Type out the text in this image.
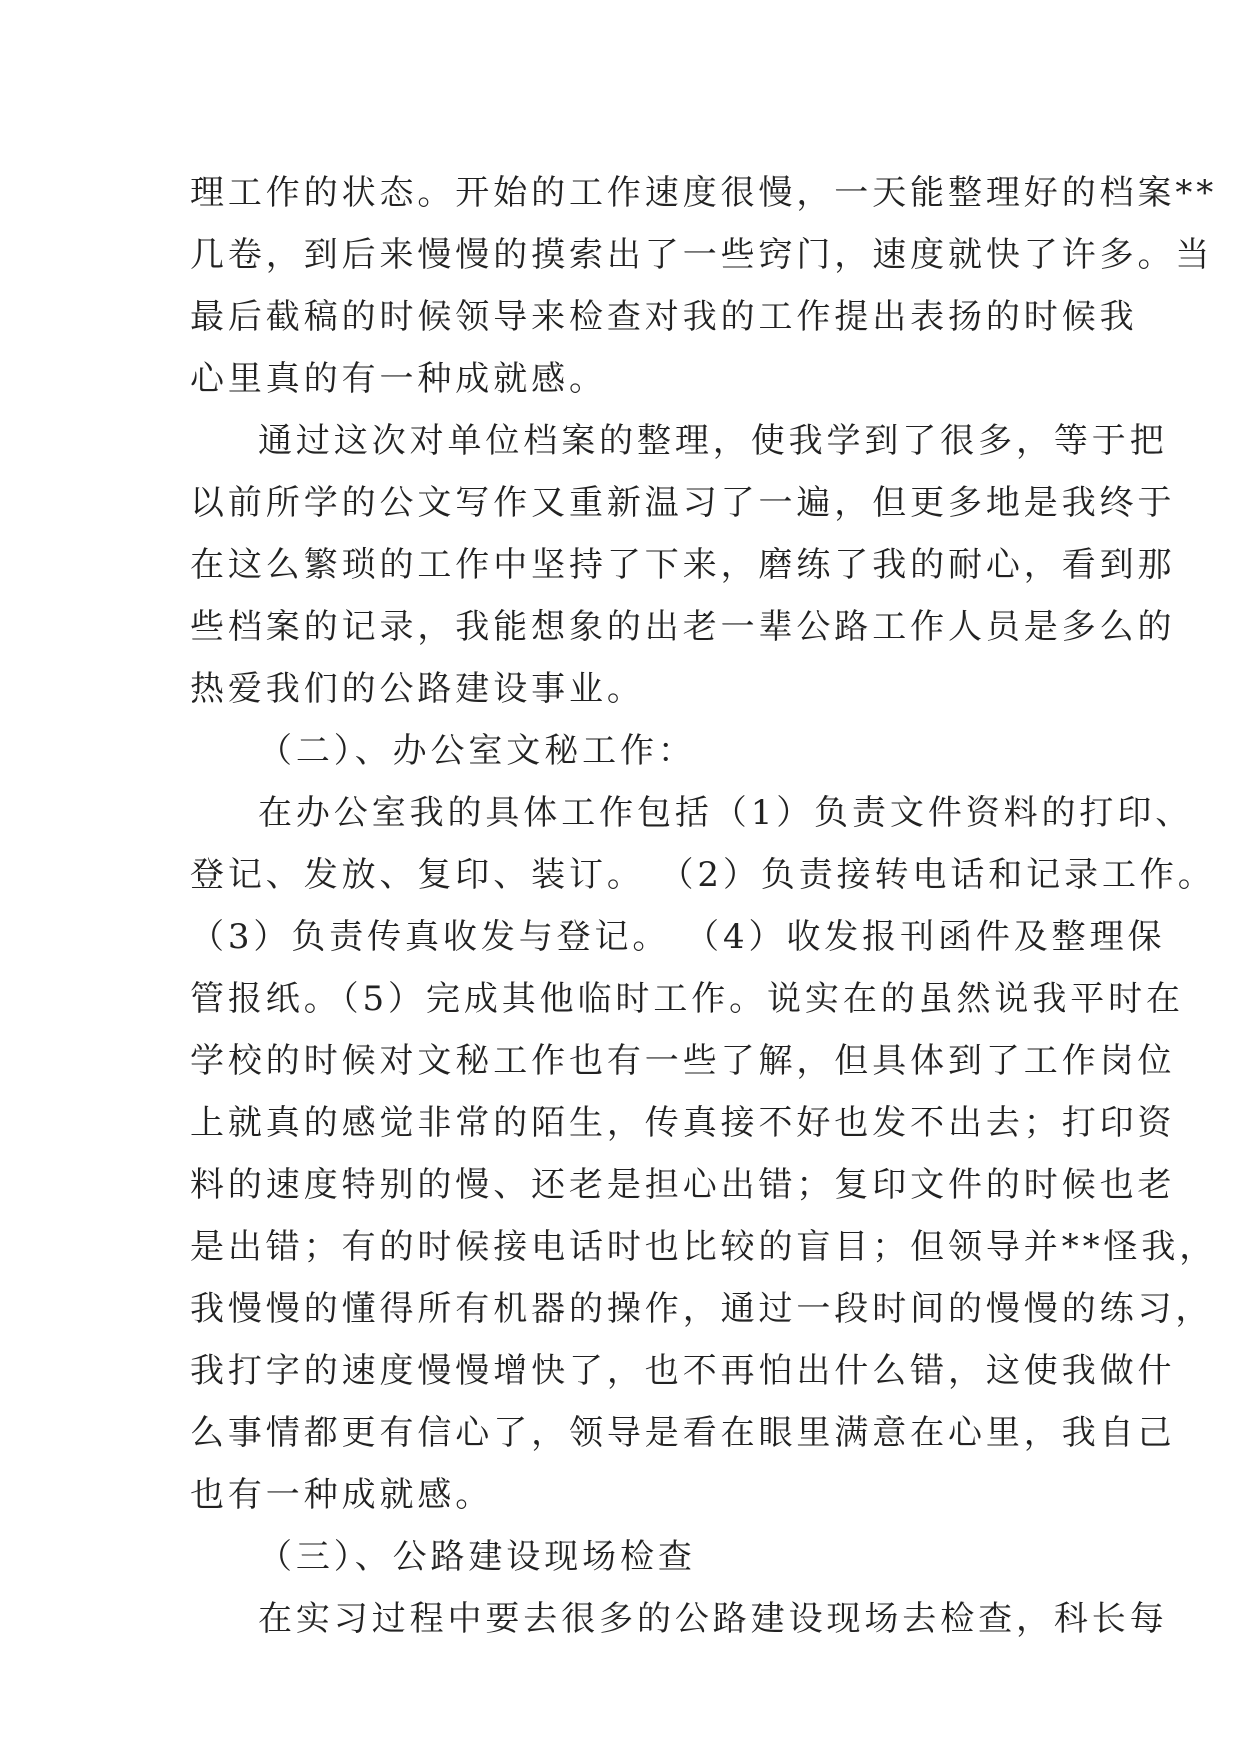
理工作的状态。开始的工作速度很慢，一天能整理好的档案**
几卷，到后来慢慢的摸索出了一些窍门，速度就快了许多。当
最后截稿的时候领导来检查对我的工作提出表扬的时候我
心里真的有一种成就感。
通过这次对单位档案的整理，使我学到了很多，等于把
以前所学的公文写作又重新温习了一遍，但更多地是我终于
在这么繁琐的工作中坚持了下来，磨练了我的耐心，看到那
些档案的记录，我能想象的出老一辈公路工作人员是多么的
热爱我们的公路建设事业。
（二）、办公室文秘工作：
在办公室我的具体工作包括（1）负责文件资料的打印、
登记、发放、复印、装订。 （2）负责接转电话和记录工作。
（3）负责传真收发与登记。 （4）收发报刊函件及整理保
管报纸。（5）完成其他临时工作。说实在的虽然说我平时在
学校的时候对文秘工作也有一些了解，但具体到了工作岗位
上就真的感觉非常的陌生，传真接不好也发不出去；打印资
料的速度特别的慢、还老是担心出错；复印文件的时候也老
是出错；有的时候接电话时也比较的盲目；但领导并**怪我，
我慢慢的懂得所有机器的操作，通过一段时间的慢慢的练习，
我打字的速度慢慢增快了，也不再怕出什么错，这使我做什
么事情都更有信心了，领导是看在眼里满意在心里，我自己
也有一种成就感。
（三）、公路建设现场检查
在实习过程中要去很多的公路建设现场去检查，科长每
